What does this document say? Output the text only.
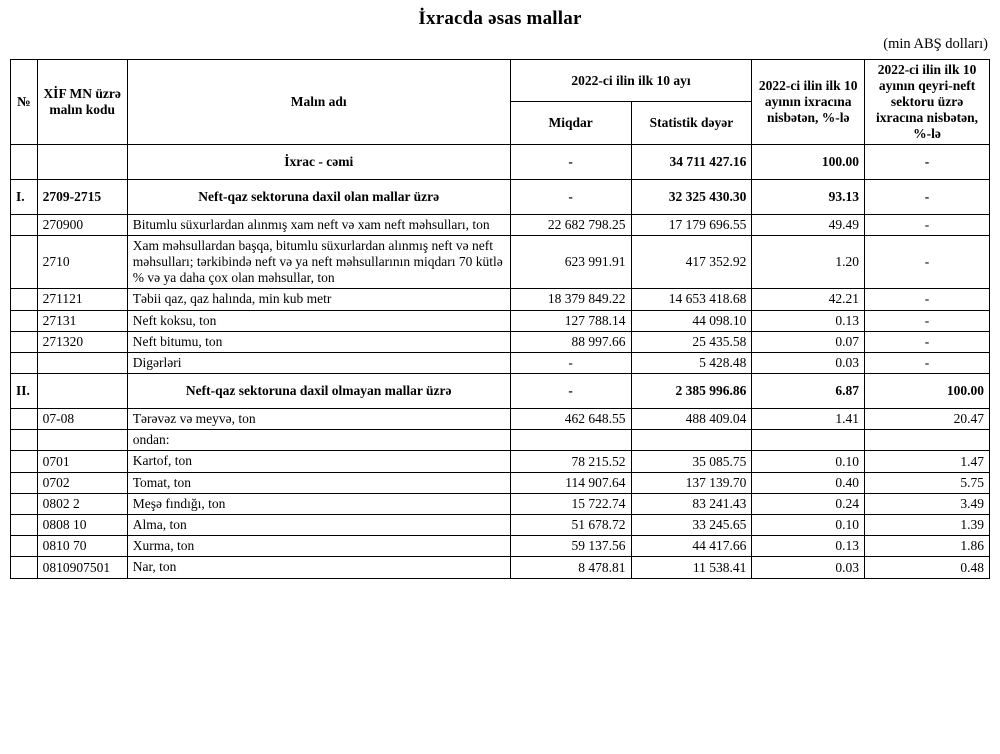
İxracda əsas mallar
(min ABŞ dolları)
№	XİF MN üzrə malın kodu	Malın adı	2022-ci ilin ilk 10 ayı		2022-ci ilin ilk 10 ayının ixracına nisbətən, %-lə	2022-ci ilin ilk 10 ayının qeyri-neft sektoru üzrə ixracına nisbətən, %-lə
			Miqdar	Statistik dəyər		
		İxrac - cəmi	-	34 711 427.16	100.00	-
I.	2709-2715	Neft-qaz sektoruna daxil olan mallar üzrə	-	32 325 430.30	93.13	-
	270900	Bitumlu süxurlardan alınmış xam neft və xam neft məhsulları, ton	22 682 798.25	17 179 696.55	49.49	-
	2710	Xam məhsullardan başqa, bitumlu süxurlardan alınmış neft və neft məhsulları; tərkibində neft və ya neft məhsullarının miqdarı 70 kütlə % və ya daha çox olan məhsullar, ton	623 991.91	417 352.92	1.20	-
	271121	Təbii qaz, qaz halında, min kub metr	18 379 849.22	14 653 418.68	42.21	-
	27131	Neft koksu, ton	127 788.14	44 098.10	0.13	-
	271320	Neft bitumu, ton	88 997.66	25 435.58	0.07	-
		Digərləri	-	5 428.48	0.03	-
II.		Neft-qaz sektoruna daxil olmayan mallar üzrə	-	2 385 996.86	6.87	100.00
	07-08	Tərəvəz və meyvə, ton	462 648.55	488 409.04	1.41	20.47
		ondan:				
	0701	Kartof, ton	78 215.52	35 085.75	0.10	1.47
	0702	Tomat, ton	114 907.64	137 139.70	0.40	5.75
	0802 2	Meşə fındığı, ton	15 722.74	83 241.43	0.24	3.49
	0808 10	Alma, ton	51 678.72	33 245.65	0.10	1.39
	0810 70	Xurma, ton	59 137.56	44 417.66	0.13	1.86
	0810907501	Nar, ton	8 478.81	11 538.41	0.03	0.48
